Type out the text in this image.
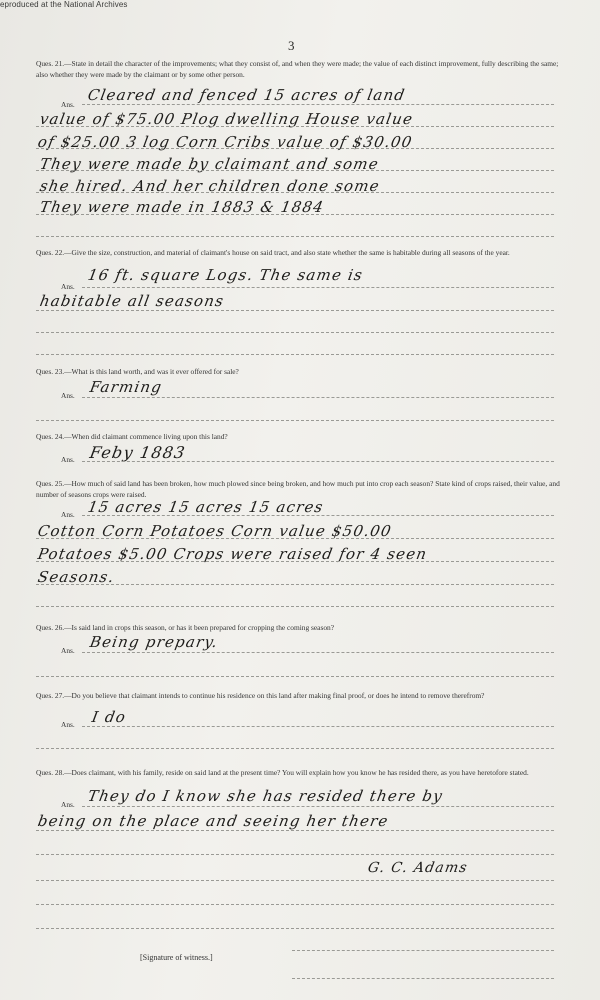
eproduced at the National Archives
3
Ques. 21.—State in detail the character of the improvements; what they consist of, and when they were made; the value of each distinct improvement, fully describing the same; also whether they were made by the claimant or by some other person.
Ans.
Cleared and fenced 15 acres of land
value of $75.00 Plog dwelling House value
of $25.00 3 log Corn Cribs value of $30.00
They were made by claimant and some
she hired. And her children done some
They were made in 1883 & 1884
Ques. 22.—Give the size, construction, and material of claimant's house on said tract, and also state whether the same is habitable during all seasons of the year.
Ans.
16 ft. square Logs. The same is
habitable all seasons
Ques. 23.—What is this land worth, and was it ever offered for sale?
Ans. Farming
Ques. 24.—When did claimant commence living upon this land?
Ans. Feby 1883
Ques. 25.—How much of said land has been broken, how much plowed since being broken, and how much put into crop each season? State kind of crops raised, their value, and number of seasons crops were raised.
Ans. 15 acres 15 acres 15 acres
Cotton Corn Potatoes Corn value $50.00
Potatoes $5.00 Crops were raised for 4 seen
Seasons.
Ques. 26.—Is said land in crops this season, or has it been prepared for cropping the coming season?
Ans. Being prepary.
Ques. 27.—Do you believe that claimant intends to continue his residence on this land after making final proof, or does he intend to remove therefrom?
Ans. I do
Ques. 28.—Does claimant, with his family, reside on said land at the present time? You will explain how you know he has resided there, as you have heretofore stated.
Ans. They do I know she has resided there by
being on the place and seeing her there
G. C. Adams
[Signature of witness.]
